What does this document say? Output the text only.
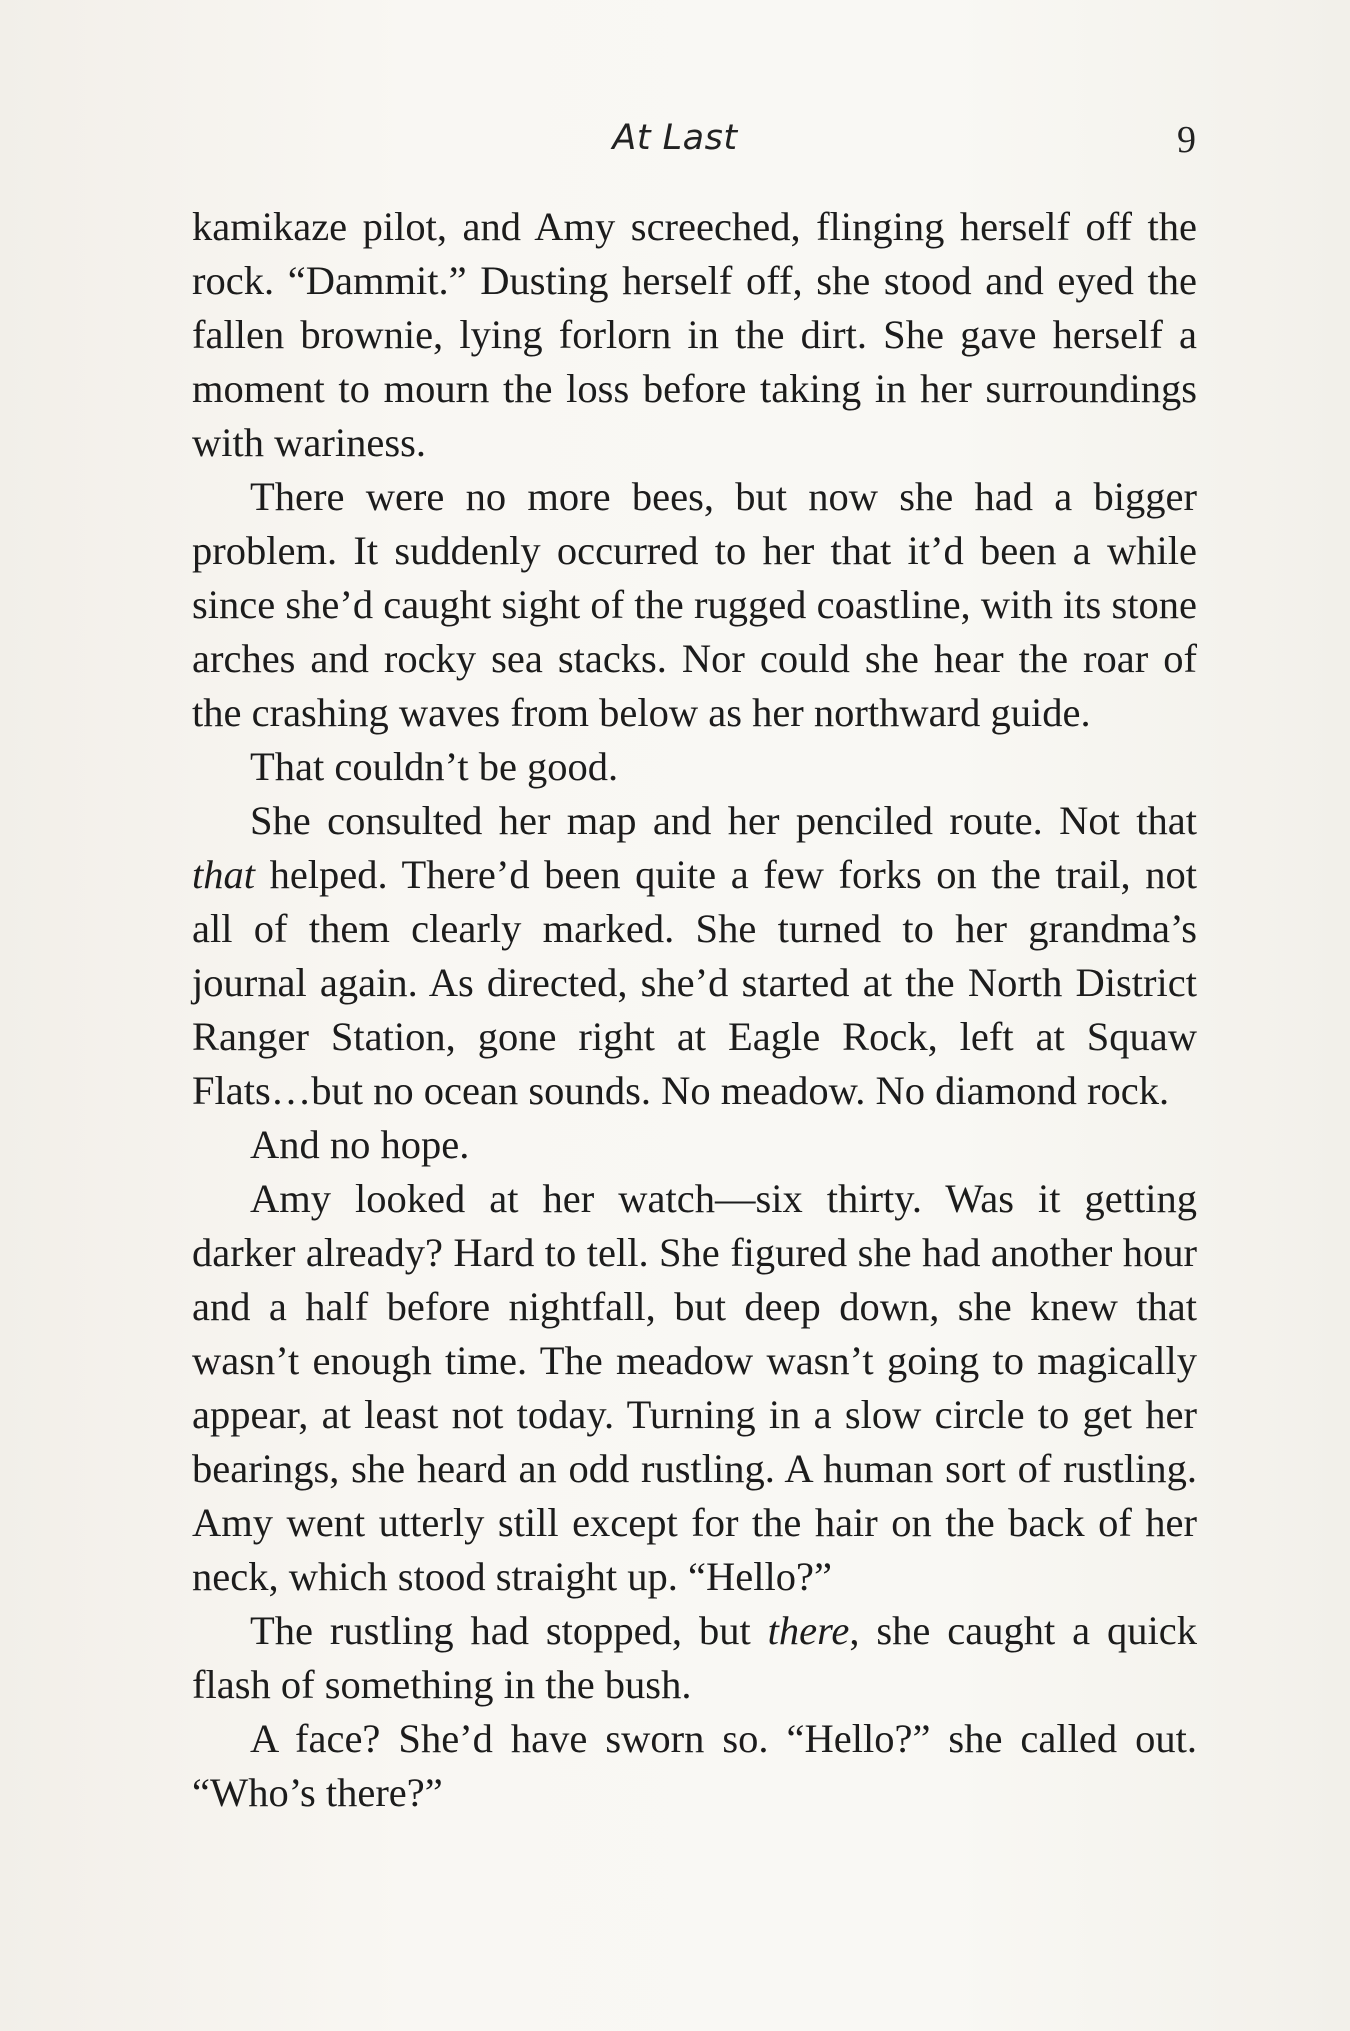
At Last	9

kamikaze pilot, and Amy screeched, flinging herself off the rock. “Dammit.” Dusting herself off, she stood and eyed the fallen brownie, lying forlorn in the dirt. She gave herself a moment to mourn the loss before taking in her surroundings with wariness.

There were no more bees, but now she had a bigger problem. It suddenly occurred to her that it’d been a while since she’d caught sight of the rugged coastline, with its stone arches and rocky sea stacks. Nor could she hear the roar of the crashing waves from below as her northward guide.

That couldn’t be good.

She consulted her map and her penciled route. Not that that helped. There’d been quite a few forks on the trail, not all of them clearly marked. She turned to her grandma’s journal again. As directed, she’d started at the North District Ranger Station, gone right at Eagle Rock, left at Squaw Flats…but no ocean sounds. No meadow. No diamond rock.

And no hope.

Amy looked at her watch—six thirty. Was it getting darker already? Hard to tell. She figured she had another hour and a half before nightfall, but deep down, she knew that wasn’t enough time. The meadow wasn’t going to magically appear, at least not today. Turning in a slow circle to get her bearings, she heard an odd rustling. A human sort of rustling. Amy went utterly still except for the hair on the back of her neck, which stood straight up. “Hello?”

The rustling had stopped, but there, she caught a quick flash of something in the bush.

A face? She’d have sworn so. “Hello?” she called out. “Who’s there?”
